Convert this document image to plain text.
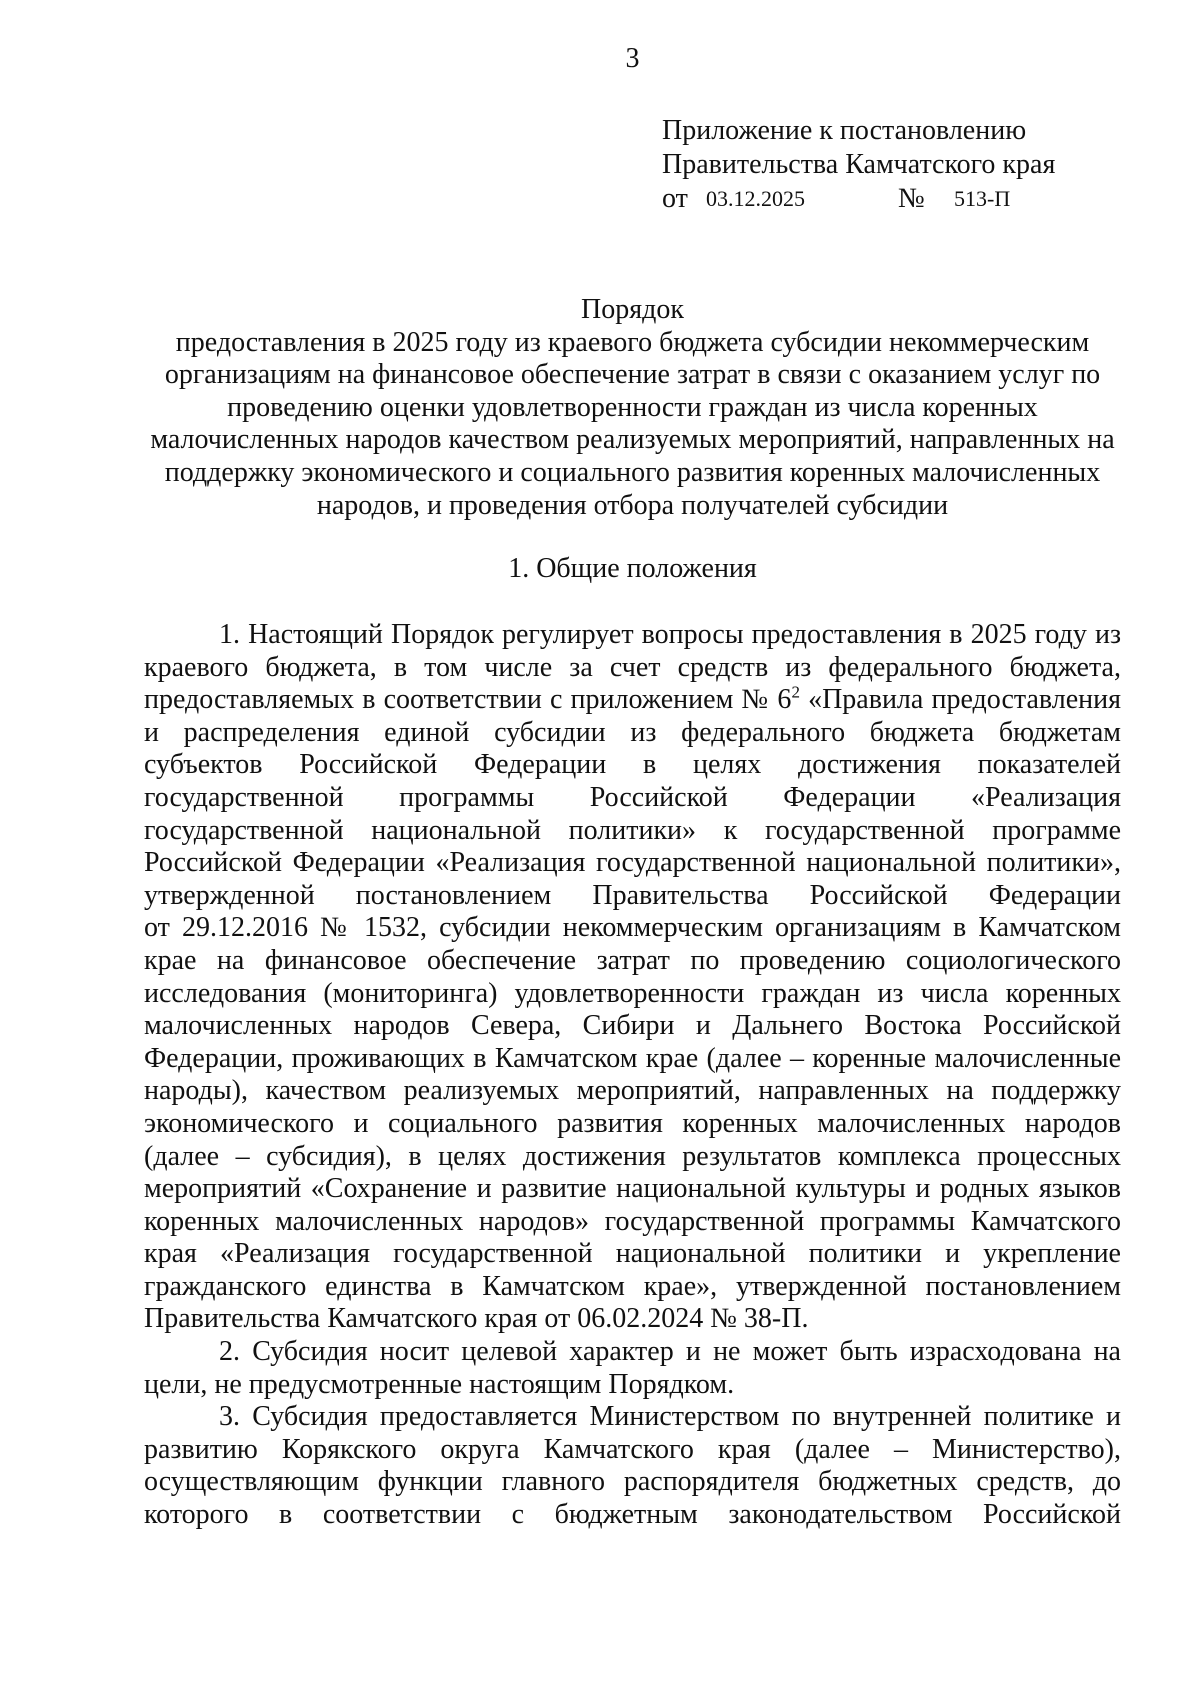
3
Приложение к постановлению
Правительства Камчатского края
от 03.12.2025	№ 513-П
Порядок
предоставления в 2025 году из краевого бюджета субсидии некоммерческим
организациям на финансовое обеспечение затрат в связи с оказанием услуг по
проведению оценки удовлетворенности граждан из числа коренных
малочисленных народов качеством реализуемых мероприятий, направленных на
поддержку экономического и социального развития коренных малочисленных
народов, и проведения отбора получателей субсидии
1. Общие положения
1. Настоящий Порядок регулирует вопросы предоставления в 2025 году из
краевого бюджета, в том числе за счет средств из федерального бюджета,
предоставляемых в соответствии с приложением № $6^2$ «Правила предоставления
и распределения единой субсидии из федерального бюджета бюджетам
субъектов Российской Федерации в целях достижения показателей
государственной программы Российской Федерации «Реализация
государственной национальной политики» к государственной программе
Российской Федерации «Реализация государственной национальной политики»,
утвержденной постановлением Правительства Российской Федерации
от 29.12.2016 № 1532, субсидии некоммерческим организациям в Камчатском
крае на финансовое обеспечение затрат по проведению социологического
исследования (мониторинга) удовлетворенности граждан из числа коренных
малочисленных народов Севера, Сибири и Дальнего Востока Российской
Федерации, проживающих в Камчатском крае (далее – коренные малочисленные
народы), качеством реализуемых мероприятий, направленных на поддержку
экономического и социального развития коренных малочисленных народов
(далее – субсидия), в целях достижения результатов комплекса процессных
мероприятий «Сохранение и развитие национальной культуры и родных языков
коренных малочисленных народов» государственной программы Камчатского
края «Реализация государственной национальной политики и укрепление
гражданского единства в Камчатском крае», утвержденной постановлением
Правительства Камчатского края от 06.02.2024 № 38-П.
2. Субсидия носит целевой характер и не может быть израсходована на
цели, не предусмотренные настоящим Порядком.
3. Субсидия предоставляется Министерством по внутренней политике и
развитию Корякского округа Камчатского края (далее – Министерство),
осуществляющим функции главного распорядителя бюджетных средств, до
которого в соответствии с бюджетным законодательством Российской
